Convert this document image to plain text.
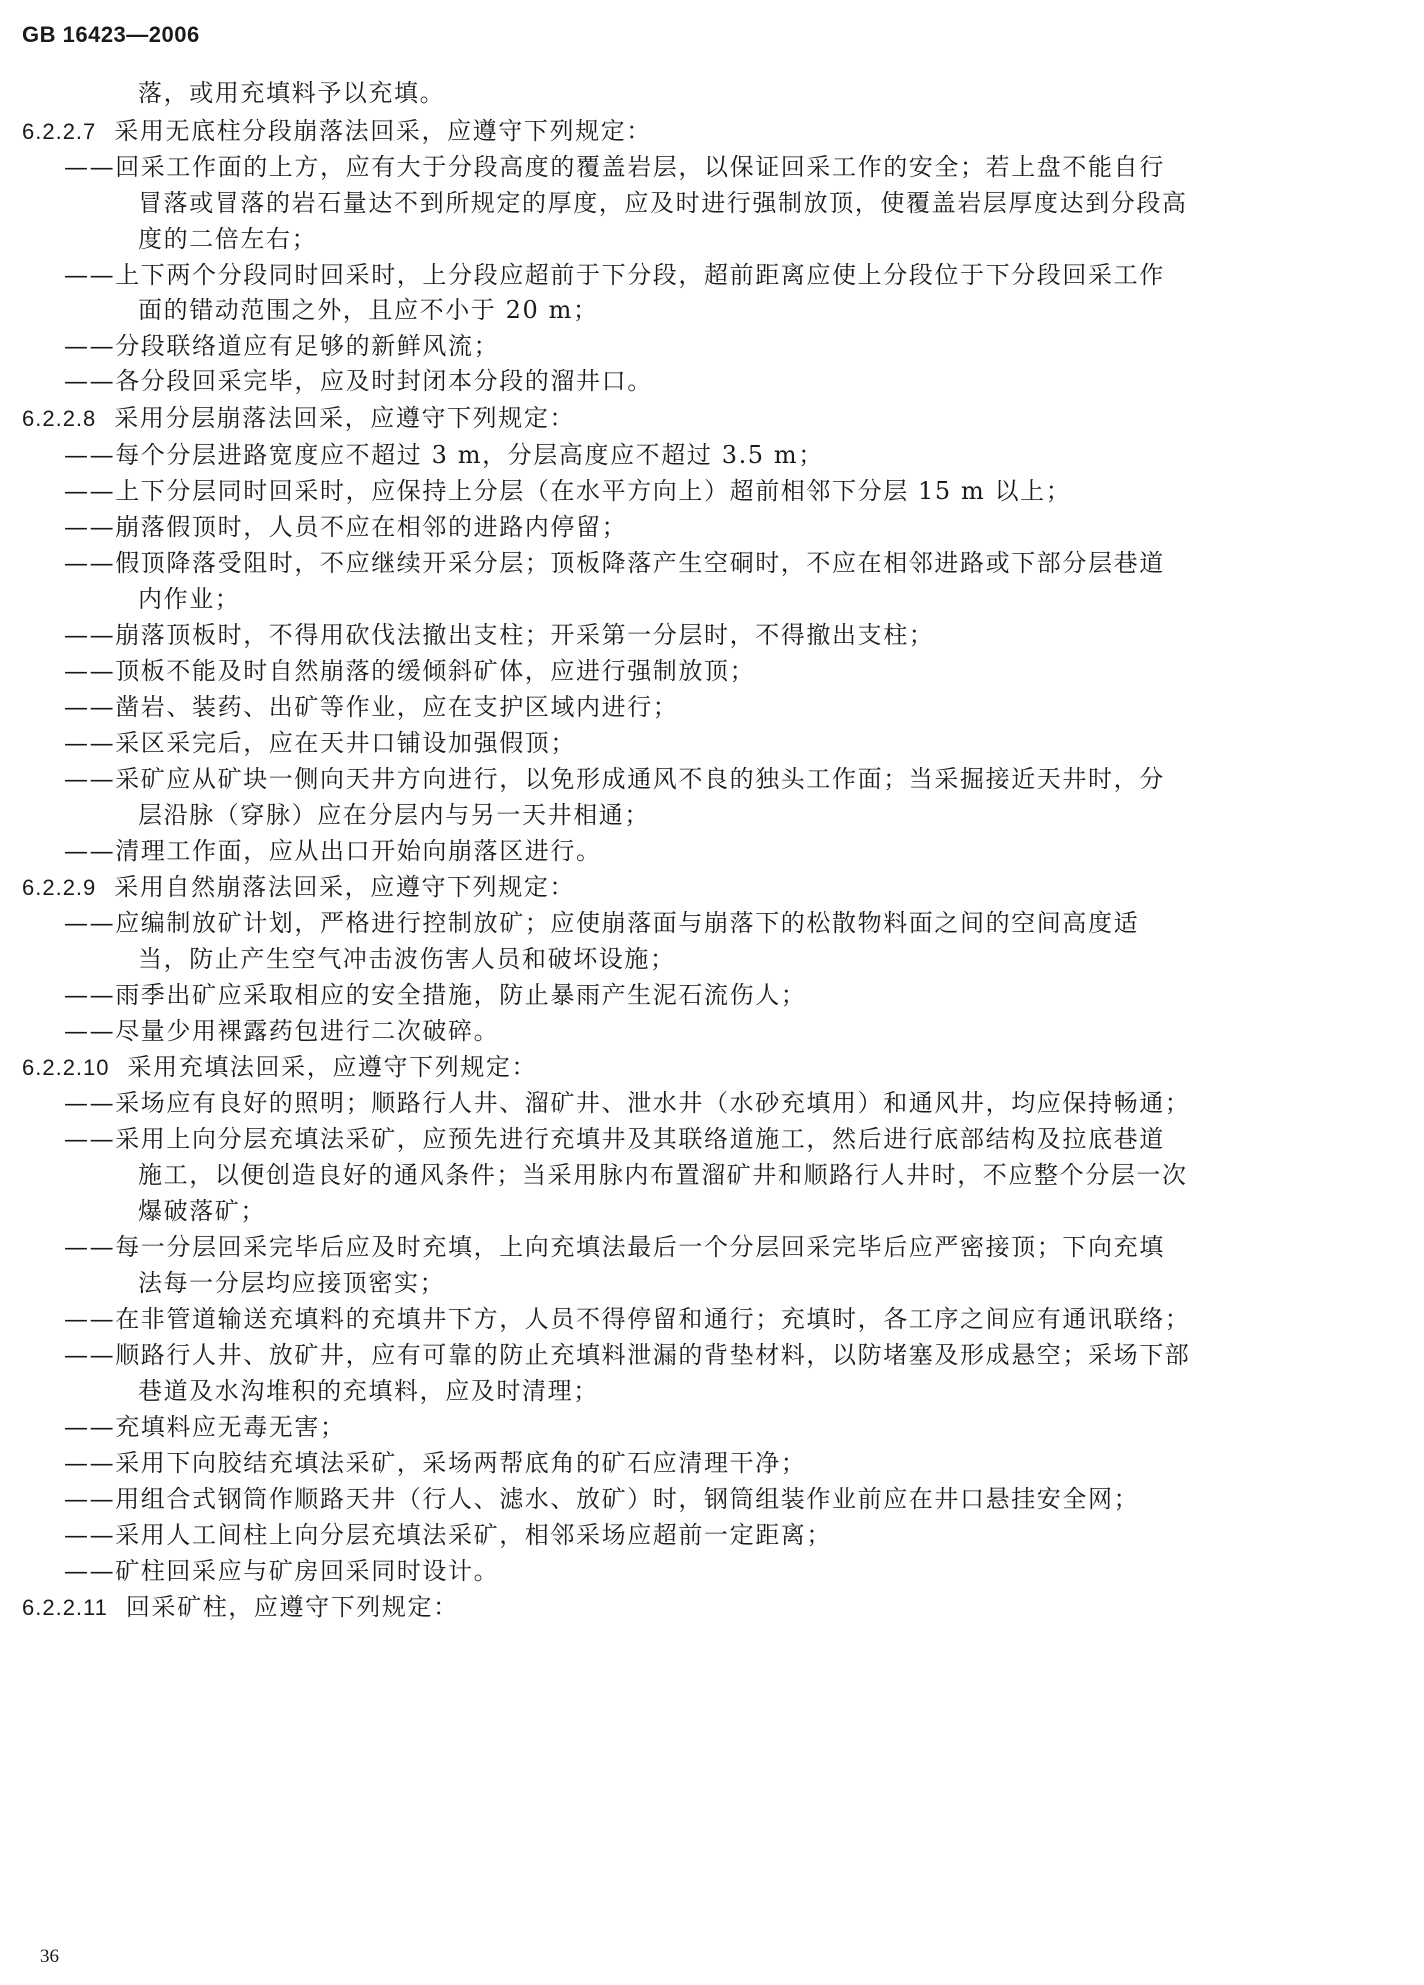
GB 16423—2006
落，或用充填料予以充填。
6.2.2.7 采用无底柱分段崩落法回采，应遵守下列规定：
——回采工作面的上方，应有大于分段高度的覆盖岩层，以保证回采工作的安全；若上盘不能自行
冒落或冒落的岩石量达不到所规定的厚度，应及时进行强制放顶，使覆盖岩层厚度达到分段高
度的二倍左右；
——上下两个分段同时回采时，上分段应超前于下分段，超前距离应使上分段位于下分段回采工作
面的错动范围之外，且应不小于 20 m；
——分段联络道应有足够的新鲜风流；
——各分段回采完毕，应及时封闭本分段的溜井口。
6.2.2.8 采用分层崩落法回采，应遵守下列规定：
——每个分层进路宽度应不超过 3 m，分层高度应不超过 3.5 m；
——上下分层同时回采时，应保持上分层（在水平方向上）超前相邻下分层 15 m 以上；
——崩落假顶时，人员不应在相邻的进路内停留；
——假顶降落受阻时，不应继续开采分层；顶板降落产生空硐时，不应在相邻进路或下部分层巷道
内作业；
——崩落顶板时，不得用砍伐法撤出支柱；开采第一分层时，不得撤出支柱；
——顶板不能及时自然崩落的缓倾斜矿体，应进行强制放顶；
——凿岩、装药、出矿等作业，应在支护区域内进行；
——采区采完后，应在天井口铺设加强假顶；
——采矿应从矿块一侧向天井方向进行，以免形成通风不良的独头工作面；当采掘接近天井时，分
层沿脉（穿脉）应在分层内与另一天井相通；
——清理工作面，应从出口开始向崩落区进行。
6.2.2.9 采用自然崩落法回采，应遵守下列规定：
——应编制放矿计划，严格进行控制放矿；应使崩落面与崩落下的松散物料面之间的空间高度适
当，防止产生空气冲击波伤害人员和破坏设施；
——雨季出矿应采取相应的安全措施，防止暴雨产生泥石流伤人；
——尽量少用裸露药包进行二次破碎。
6.2.2.10 采用充填法回采，应遵守下列规定：
——采场应有良好的照明；顺路行人井、溜矿井、泄水井（水砂充填用）和通风井，均应保持畅通；
——采用上向分层充填法采矿，应预先进行充填井及其联络道施工，然后进行底部结构及拉底巷道
施工，以便创造良好的通风条件；当采用脉内布置溜矿井和顺路行人井时，不应整个分层一次
爆破落矿；
——每一分层回采完毕后应及时充填，上向充填法最后一个分层回采完毕后应严密接顶；下向充填
法每一分层均应接顶密实；
——在非管道输送充填料的充填井下方，人员不得停留和通行；充填时，各工序之间应有通讯联络；
——顺路行人井、放矿井，应有可靠的防止充填料泄漏的背垫材料，以防堵塞及形成悬空；采场下部
巷道及水沟堆积的充填料，应及时清理；
——充填料应无毒无害；
——采用下向胶结充填法采矿，采场两帮底角的矿石应清理干净；
——用组合式钢筒作顺路天井（行人、滤水、放矿）时，钢筒组装作业前应在井口悬挂安全网；
——采用人工间柱上向分层充填法采矿，相邻采场应超前一定距离；
——矿柱回采应与矿房回采同时设计。
6.2.2.11 回采矿柱，应遵守下列规定：
36
